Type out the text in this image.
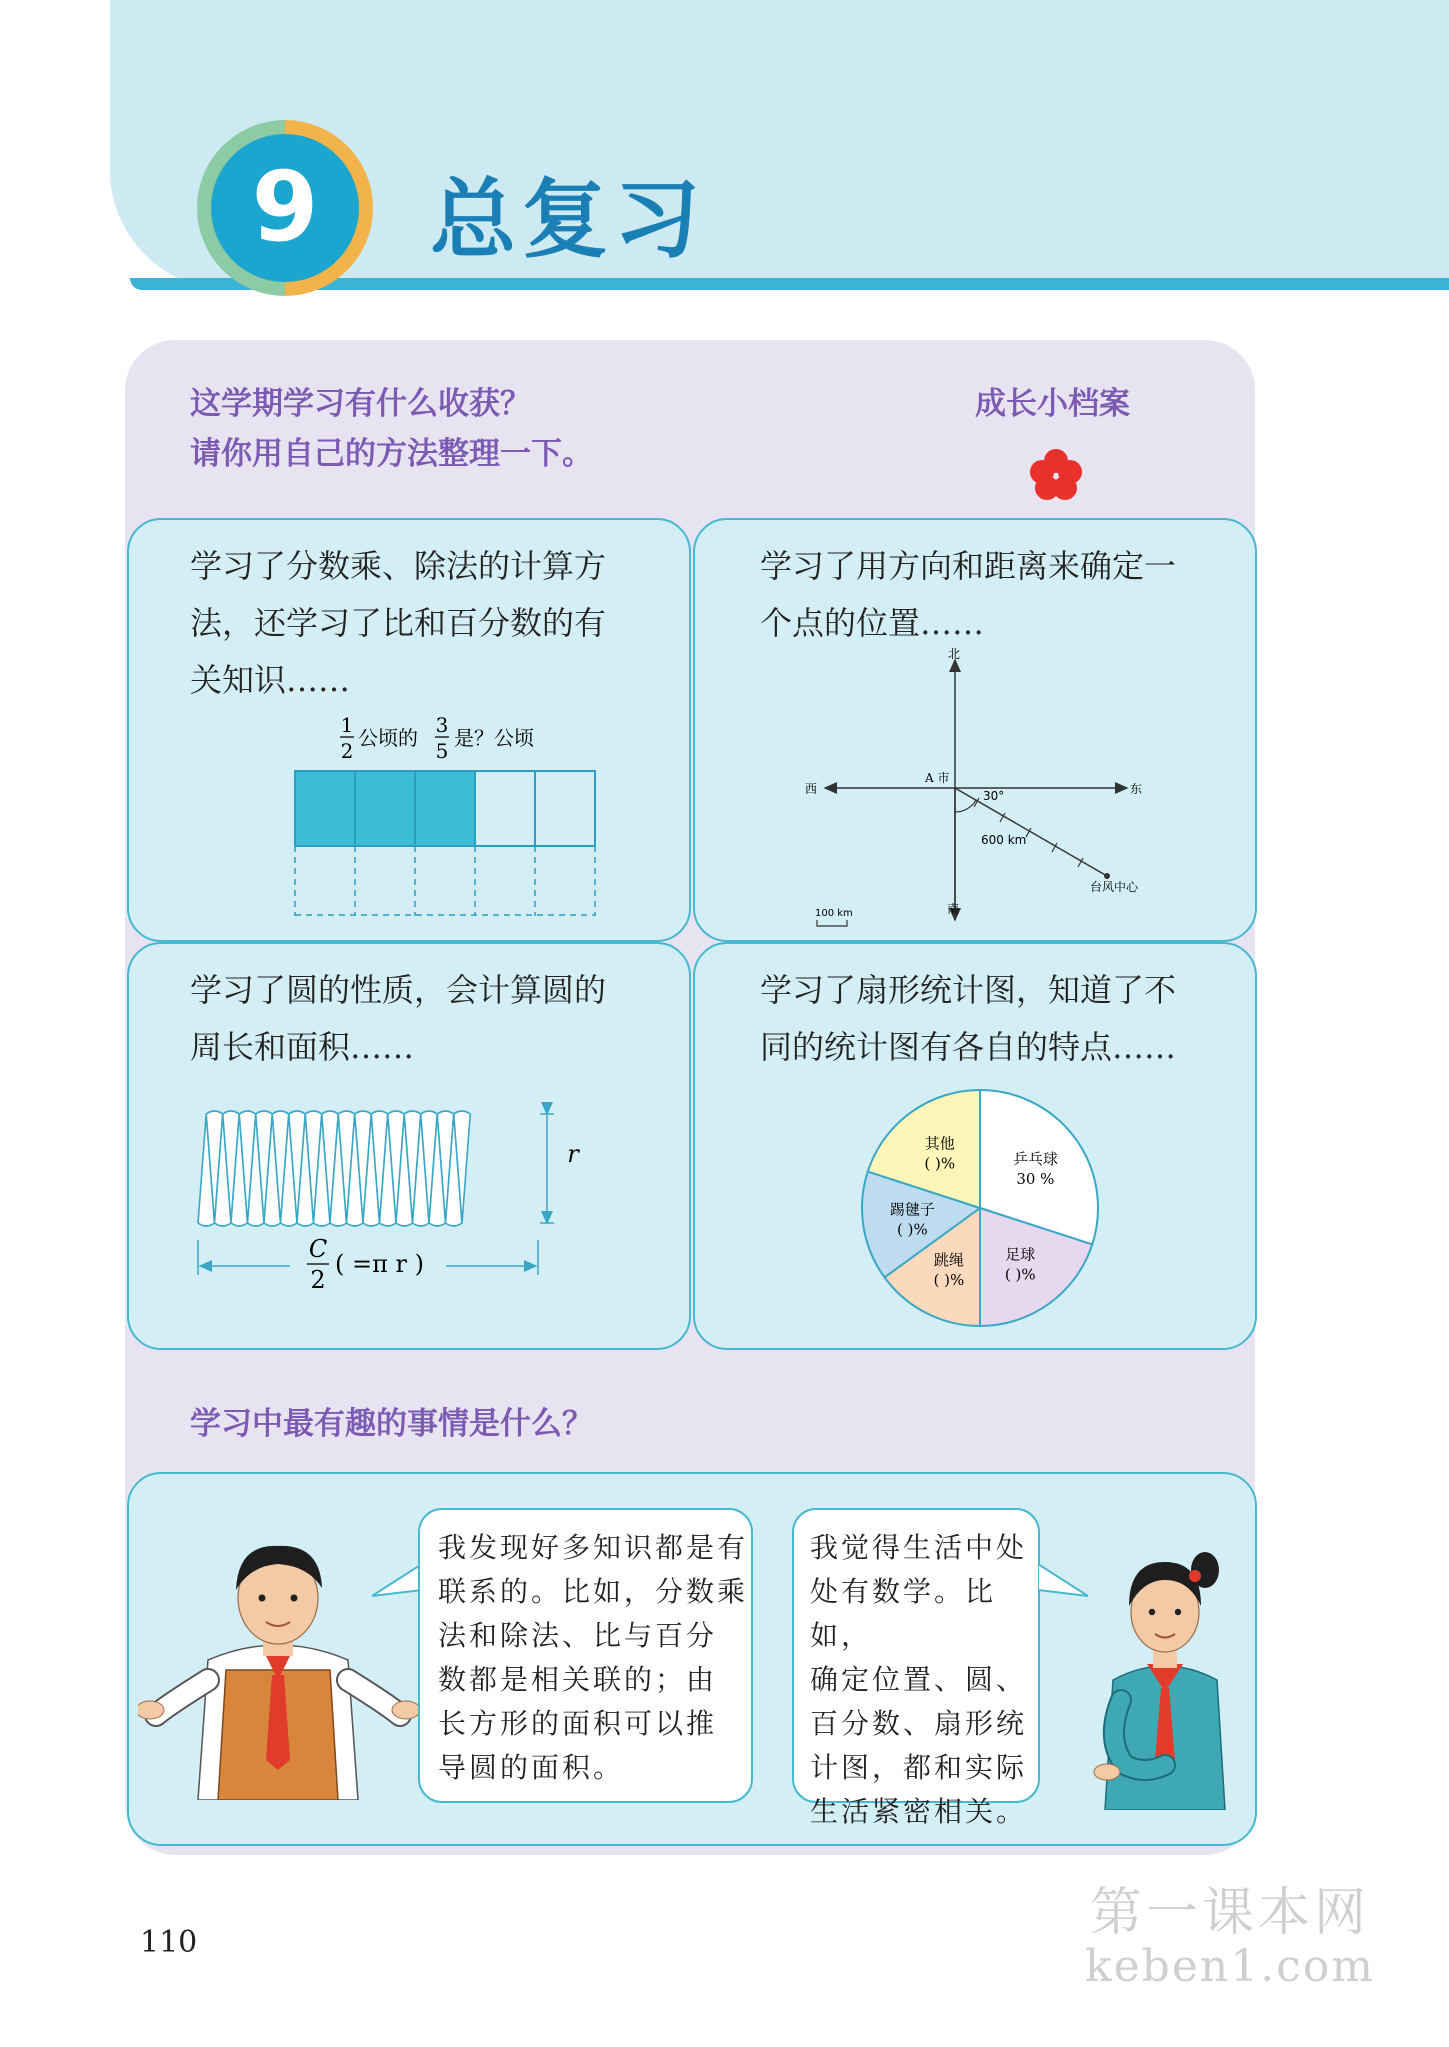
9 总复习
这学期学习有什么收获？
请你用自己的方法整理一下。
成长小档案
学习了分数乘、除法的计算方
法，还学习了比和百分数的有
关知识……
1
2
公顷的
3
5
是？公顷
学习了用方向和距离来确定一
个点的位置……
北
南
西	东
A 市
30°
600 km
台风中心
100 km
学习了圆的性质，会计算圆的
周长和面积……
r
C
2
( =π r )
学习了扇形统计图，知道了不
同的统计图有各自的特点……
乒乓球
30 %
足球
( )%
跳绳
( )%
踢毽子
( )%
其他
( )%
学习中最有趣的事情是什么？
我发现好多知识都是有
联系的。比如，分数乘
法和除法、比与百分
数都是相关联的；由
长方形的面积可以推
导圆的面积。
我觉得生活中处
处有数学。比如，
确定位置、圆、
百分数、扇形统
计图，都和实际
生活紧密相关。
110	第一课本网
keben1.com
